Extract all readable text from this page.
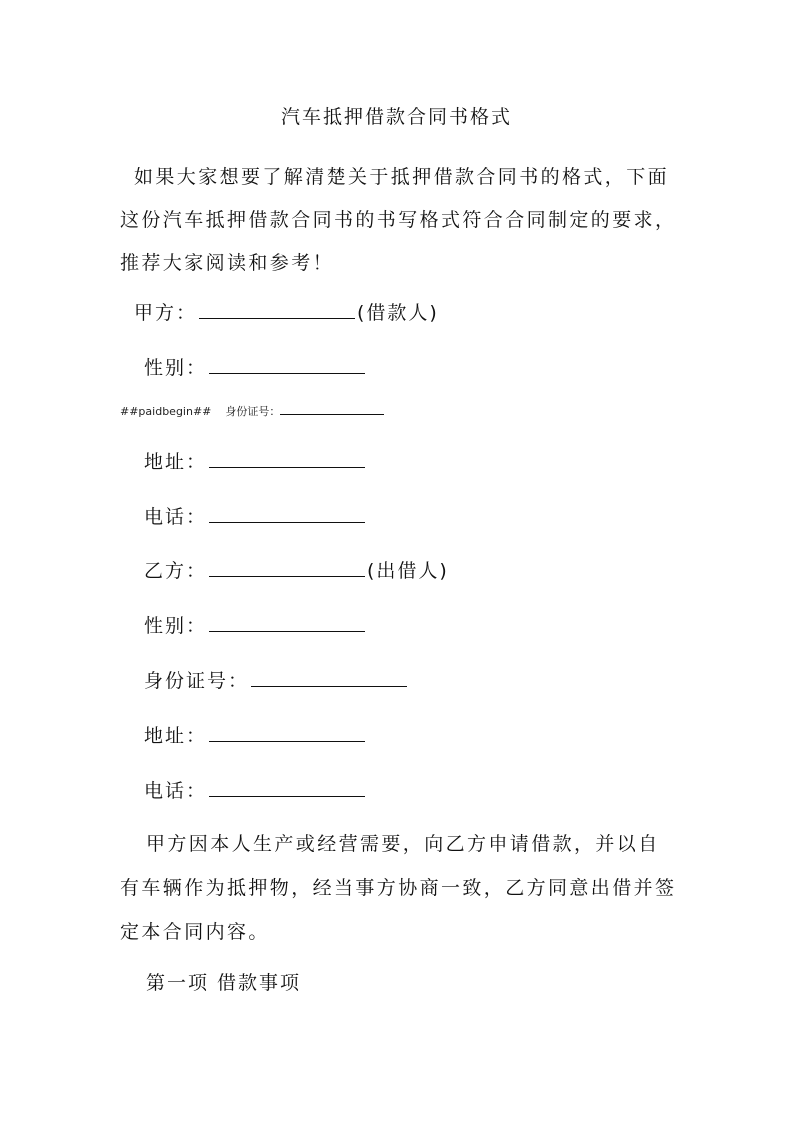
汽车抵押借款合同书格式

如果大家想要了解清楚关于抵押借款合同书的格式，下面这份汽车抵押借款合同书的书写格式符合合同制定的要求，推荐大家阅读和参考！

甲方：	(借款人)
性别：
##paidbegin## 身份证号：
地址：
电话：
乙方：	(出借人)
性别：
身份证号：
地址：
电话：

甲方因本人生产或经营需要，向乙方申请借款，并以自有车辆作为抵押物，经当事方协商一致，乙方同意出借并签定本合同内容。

第一项 借款事项
